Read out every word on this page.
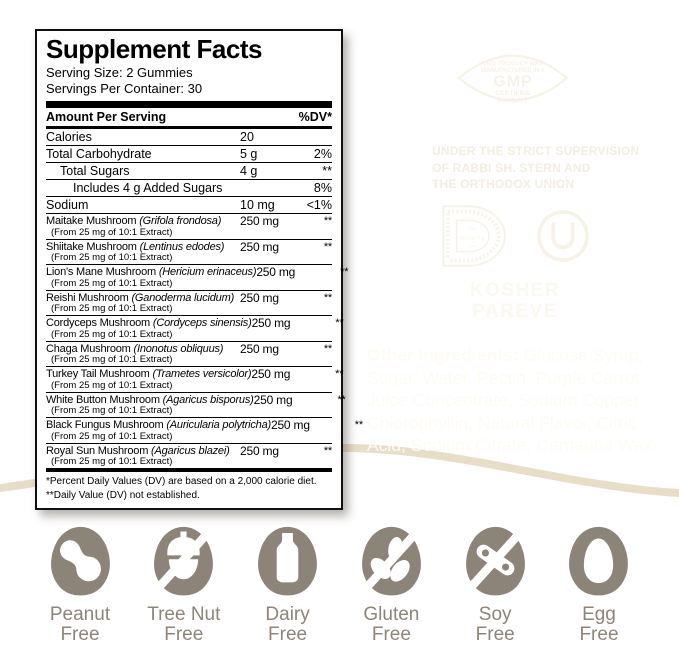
Supplement Facts
Serving Size: 2 Gummies
Servings Per Container: 30
Amount Per Serving	%DV*
Calories	20
Total Carbohydrate	5 g	2%
Total Sugars	4 g	**
Includes 4 g Added Sugars	8%
Sodium	10 mg	<1%
Maitake Mushroom (Grifola frondosa)	250 mg	**
(From 25 mg of 10:1 Extract)
Shiitake Mushroom (Lentinus edodes)	250 mg	**
(From 25 mg of 10:1 Extract)
Lion's Mane Mushroom (Hericium erinaceus) 250 mg	**
(From 25 mg of 10:1 Extract)
Reishi Mushroom (Ganoderma lucidum) 250 mg	**
(From 25 mg of 10:1 Extract)
Cordyceps Mushroom (Cordyceps sinensis) 250 mg	**
(From 25 mg of 10:1 Extract)
Chaga Mushroom (Inonotus obliquus)	250 mg	**
(From 25 mg of 10:1 Extract)
Turkey Tail Mushroom (Trametes versicolor) 250 mg	**
(From 25 mg of 10:1 Extract)
White Button Mushroom (Agaricus bisporus) 250 mg	**
(From 25 mg of 10:1 Extract)
Black Fungus Mushroom (Auricularia polytricha) 250 mg	**
(From 25 mg of 10:1 Extract)
Royal Sun Mushroom (Agaricus blazei) 250 mg	**
(From 25 mg of 10:1 Extract)
*Percent Daily Values (DV) are based on a 2,000 calorie diet.
**Daily Value (DV) not established.
THIS PRODUCT WAS
MANUFACTURED IN A
GMP
CERTIFIED
FACILITY
UNDER THE STRICT SUPERVISION
OF RABBI SH. STERN AND
THE ORTHODOX UNION
~
בהשגחת
~
KOSHER
PAREVE
Other Ingredients: Glucose Syrup, Sugar, Water, Pectin, Purple Carrot Juice Concentrate, Sodium Copper Chlorophyllin, Natural Flavor, Citric Acid, Sodium Citrate, Carnauba Wax.
Peanut
Free
Tree Nut
Free
Dairy
Free
Gluten
Free
Soy
Free
Egg
Free
